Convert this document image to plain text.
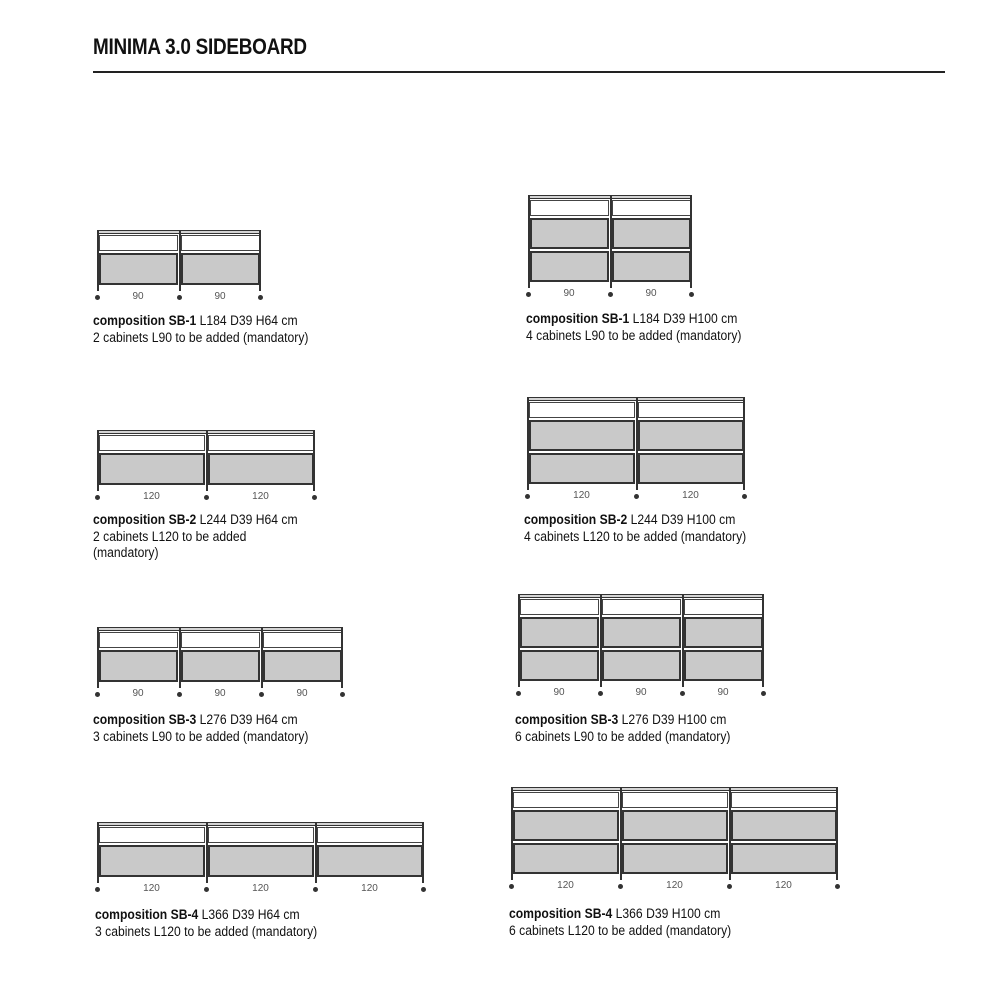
MINIMA 3.0 SIDEBOARD
90	90
composition SB-1 L184 D39 H64 cm
2 cabinets L90 to be added (mandatory)
90	90
composition SB-1 L184 D39 H100 cm
4 cabinets L90 to be added (mandatory)
120	120
composition SB-2 L244 D39 H64 cm
2 cabinets L120 to be added
(mandatory)
120	120
composition SB-2 L244 D39 H100 cm
4 cabinets L120 to be added (mandatory)
90	90	90
composition SB-3 L276 D39 H64 cm
3 cabinets L90 to be added (mandatory)
90	90	90
composition SB-3 L276 D39 H100 cm
6 cabinets L90 to be added (mandatory)
120	120	120
composition SB-4 L366 D39 H64 cm
3 cabinets L120 to be added (mandatory)
120	120	120
composition SB-4 L366 D39 H100 cm
6 cabinets L120 to be added (mandatory)
